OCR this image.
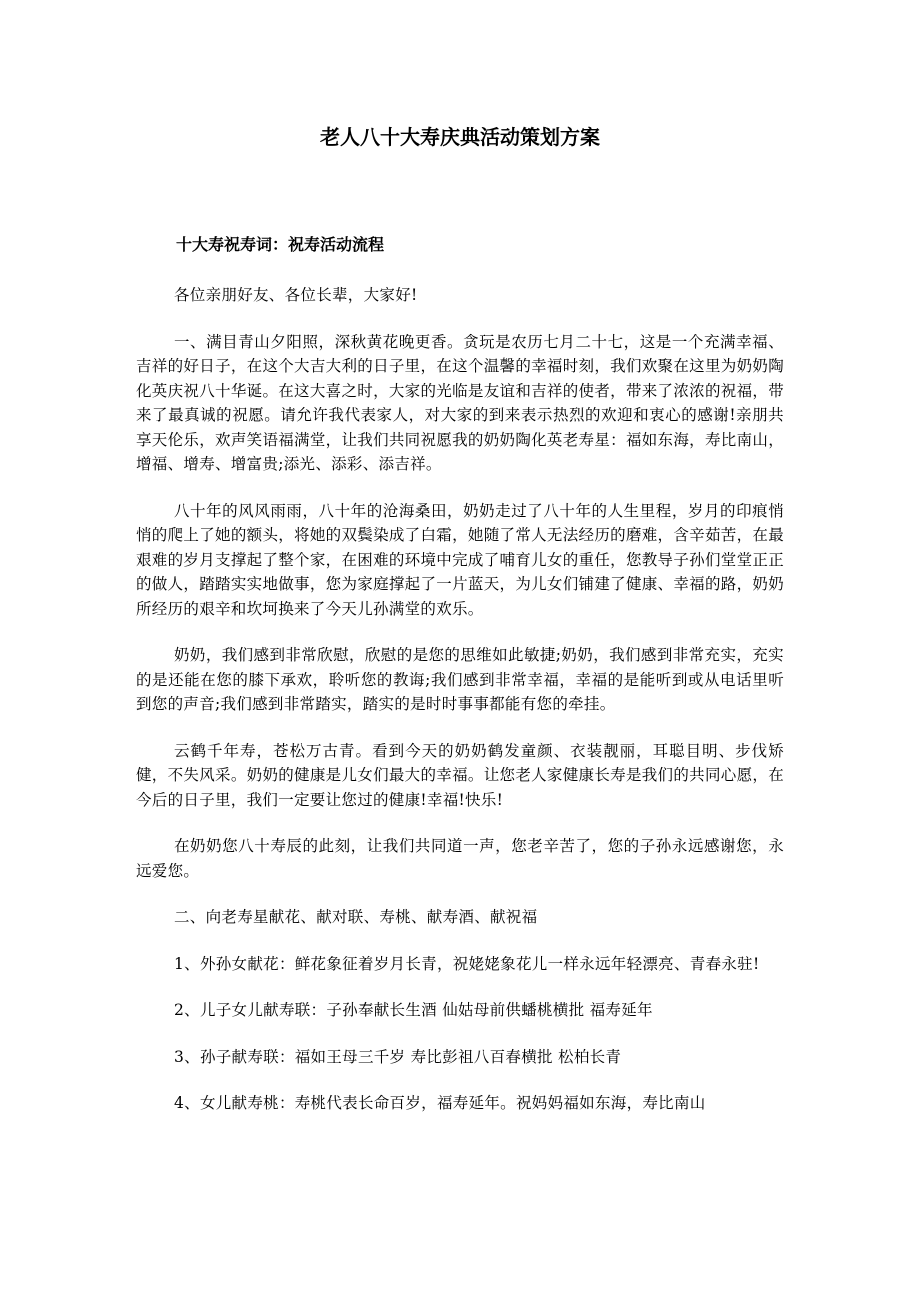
老人八十大寿庆典活动策划方案
十大寿祝寿词：祝寿活动流程

各位亲朋好友、各位长辈，大家好!

一、满目青山夕阳照，深秋黄花晚更香。贪玩是农历七月二十七，这是一个充满幸福、吉祥的好日子，在这个大吉大利的日子里，在这个温馨的幸福时刻，我们欢聚在这里为奶奶陶化英庆祝八十华诞。在这大喜之时，大家的光临是友谊和吉祥的使者，带来了浓浓的祝福，带来了最真诚的祝愿。请允许我代表家人，对大家的到来表示热烈的欢迎和衷心的感谢!亲朋共享天伦乐，欢声笑语福满堂，让我们共同祝愿我的奶奶陶化英老寿星：福如东海，寿比南山，增福、增寿、增富贵;添光、添彩、添吉祥。

八十年的风风雨雨，八十年的沧海桑田，奶奶走过了八十年的人生里程，岁月的印痕悄悄的爬上了她的额头，将她的双鬓染成了白霜，她随了常人无法经历的磨难，含辛茹苦，在最艰难的岁月支撑起了整个家，在困难的环境中完成了哺育儿女的重任，您教导子孙们堂堂正正的做人，踏踏实实地做事，您为家庭撑起了一片蓝天，为儿女们铺建了健康、幸福的路，奶奶所经历的艰辛和坎坷换来了今天儿孙满堂的欢乐。

奶奶，我们感到非常欣慰，欣慰的是您的思维如此敏捷;奶奶，我们感到非常充实，充实的是还能在您的膝下承欢，聆听您的教诲;我们感到非常幸福，幸福的是能听到或从电话里听到您的声音;我们感到非常踏实，踏实的是时时事事都能有您的牵挂。

云鹤千年寿，苍松万古青。看到今天的奶奶鹤发童颜、衣装靓丽，耳聪目明、步伐矫健，不失风采。奶奶的健康是儿女们最大的幸福。让您老人家健康长寿是我们的共同心愿，在今后的日子里，我们一定要让您过的健康!幸福!快乐!

在奶奶您八十寿辰的此刻，让我们共同道一声，您老辛苦了，您的子孙永远感谢您，永远爱您。

二、向老寿星献花、献对联、寿桃、献寿酒、献祝福

1、外孙女献花：鲜花象征着岁月长青，祝姥姥象花儿一样永远年轻漂亮、青春永驻!

2、儿子女儿献寿联：子孙奉献长生酒 仙姑母前供蟠桃横批 福寿延年

3、孙子献寿联：福如王母三千岁 寿比彭祖八百春横批 松柏长青

4、女儿献寿桃：寿桃代表长命百岁，福寿延年。祝妈妈福如东海，寿比南山
